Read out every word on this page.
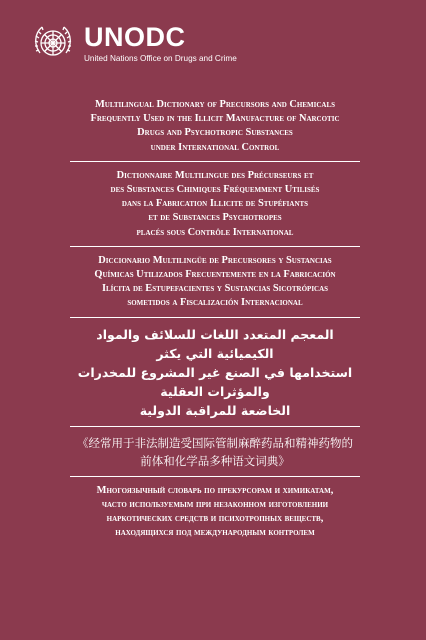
UNODC
United Nations Office on Drugs and Crime
Multilingual Dictionary of Precursors and Chemicals
Frequently Used in the Illicit Manufacture of Narcotic
Drugs and Psychotropic Substances
under International Control
Dictionnaire Multilingue des Précurseurs et
des Substances Chimiques Fréquemment Utilisés
dans la Fabrication Illicite de Stupéfiants
et de Substances Psychotropes
placés sous Contrôle International
Diccionario Multilingüe de Precursores y Sustancias
Químicas Utilizados Frecuentemente en la Fabricación
Ilícita de Estupefacientes y Sustancias Sicotrópicas
sometidos a Fiscalización Internacional
المعجم المتعدد اللغات للسلائف والمواد الكيميائية التي يكثر
استخدامها في الصنع غير المشروع للمخدرات والمؤثرات العقلية
الخاضعة للمراقبة الدولية
《经常用于非法制造受国际管制麻醉药品和精神药物的
前体和化学品多种语文词典》
Многоязычный словарь по прекурсорам и химикатам,
часто используемым при незаконном изготовлении
наркотических средств и психотропных веществ,
находящихся под международным контролем
